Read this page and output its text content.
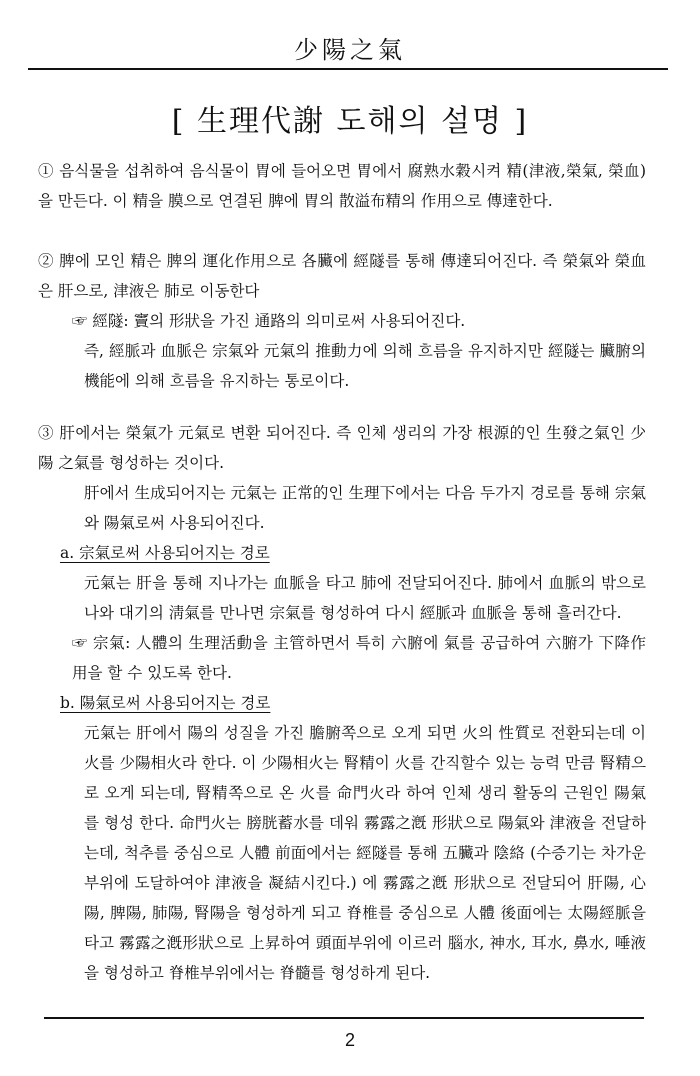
少陽之氣
[ 生理代謝 도해의 설명 ]

① 음식물을 섭취하여 음식물이 胃에 들어오면 胃에서 腐熟水穀시켜 精(津液,榮氣, 榮血)을 만든다. 이 精을 膜으로 연결된 脾에 胃의 散溢布精의 作用으로 傳達한다.

② 脾에 모인 精은 脾의 運化作用으로 各臟에 經隧를 통해 傳達되어진다. 즉 榮氣와 榮血은 肝으로, 津液은 肺로 이동한다

☞ 經隧: 竇의 形狀을 가진 通路의 의미로써 사용되어진다.

즉, 經脈과 血脈은 宗氣와 元氣의 推動力에 의해 흐름을 유지하지만 經隧는 臟腑의 機能에 의해 흐름을 유지하는 통로이다.

③ 肝에서는 榮氣가 元氣로 변환 되어진다. 즉 인체 생리의 가장 根源的인 生發之氣인 少陽 之氣를 형성하는 것이다.

肝에서 生成되어지는 元氣는 正常的인 生理下에서는 다음 두가지 경로를 통해 宗氣와 陽氣로써 사용되어진다.

a. 宗氣로써 사용되어지는 경로

元氣는 肝을 통해 지나가는 血脈을 타고 肺에 전달되어진다. 肺에서 血脈의 밖으로 나와 대기의 淸氣를 만나면 宗氣를 형성하여 다시 經脈과 血脈을 통해 흘러간다.

☞ 宗氣: 人體의 生理活動을 主管하면서 특히 六腑에 氣를 공급하여 六腑가 下降作用을 할 수 있도록 한다.

b. 陽氣로써 사용되어지는 경로

元氣는 肝에서 陽의 성질을 가진 膽腑쪽으로 오게 되면 火의 性質로 전환되는데 이 火를 少陽相火라 한다. 이 少陽相火는 腎精이 火를 간직할수 있는 능력 만큼 腎精으로 오게 되는데, 腎精쪽으로 온 火를 命門火라 하여 인체 생리 활동의 근원인 陽氣를 형성 한다. 命門火는 膀胱蓄水를 데워 霧露之漑 形狀으로 陽氣와 津液을 전달하는데, 척추를 중심으로 人體 前面에서는 經隧를 통해 五臟과 陰絡 (수증기는 차가운 부위에 도달하여야 津液을 凝結시킨다.) 에 霧露之漑 形狀으로 전달되어 肝陽, 心陽, 脾陽, 肺陽, 腎陽을 형성하게 되고 脊椎를 중심으로 人體 後面에는 太陽經脈을 타고 霧露之漑形狀으로 上昇하여 頭面부위에 이르러 腦水, 神水, 耳水, 鼻水, 唾液을 형성하고 脊椎부위에서는 脊髓를 형성하게 된다.

2
